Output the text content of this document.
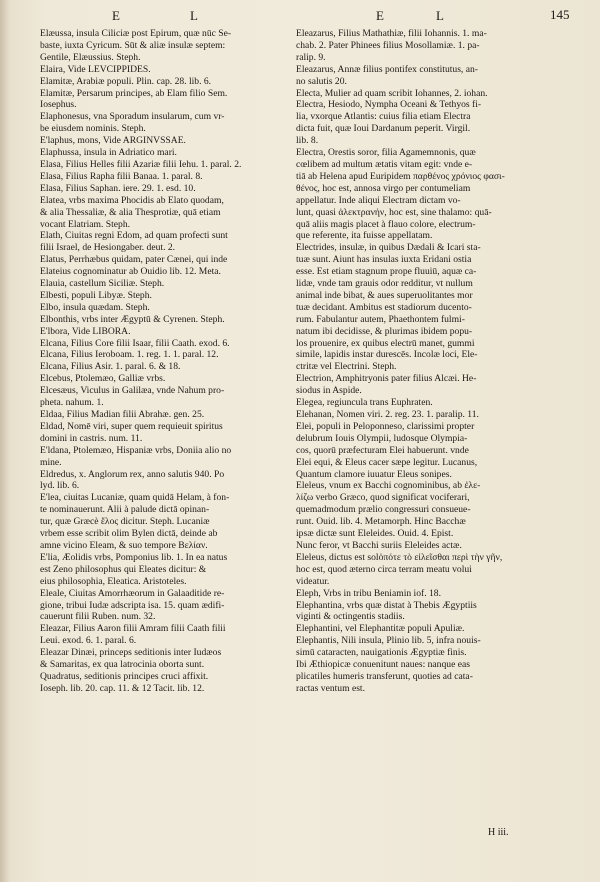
E	L	E	L	145
Elæussa, insula Ciliciæ post Epirum, quæ nūc Se-
baste, iuxta Cyricum. Sūt & aliæ insulæ septem:
Gentile, Elæussius. Steph.
Elaira, Vide LEVCIPPIDES.
Elamitæ, Arabiæ populi. Plin. cap. 28. lib. 6.
Elamitæ, Persarum principes, ab Elam filio Sem.
Iosephus.
Elaphonesus, vna Sporadum insularum, cum vr-
be eiusdem nominis. Steph.
E'laphus, mons, Vide ARGINVSSAE.
Elaphussa, insula in Adriatico mari.
Elasa, Filius Helles filii Azariæ filii Iehu. 1. paral. 2.
Elasa, Filius Rapha filii Banaa. 1. paral. 8.
Elasa, Filius Saphan. iere. 29. 1. esd. 10.
Elatea, vrbs maxima Phocidis ab Elato quodam,
& alia Thessaliæ, & alia Thesprotiæ, quā etiam
vocant Elatriam. Steph.
Elath, Ciuitas regni Edom, ad quam profecti sunt
filii Israel, de Hesiongaber. deut. 2.
Elatus, Perrhæbus quidam, pater Cænei, qui inde
Elateius cognominatur ab Ouidio lib. 12. Meta.
Elauia, castellum Siciliæ. Steph.
Elbesti, populi Libyæ. Steph.
Elbo, insula quædam. Steph.
Elbonthis, vrbs inter Ægyptū & Cyrenen. Steph.
E'lbora, Vide LIBORA.
Elcana, Filius Core filii Isaar, filii Caath. exod. 6.
Elcana, Filius Ieroboam. 1. reg. 1. 1. paral. 12.
Elcana, Filius Asir. 1. paral. 6. & 18.
Elcebus, Ptolemæo, Galliæ vrbs.
Elcesæus, Viculus in Galilæa, vnde Nahum pro-
pheta. nahum. 1.
Eldaa, Filius Madian filii Abrahæ. gen. 25.
Eldad, Nomē viri, super quem requieuit spiritus
domini in castris. num. 11.
E'ldana, Ptolemæo, Hispaniæ vrbs, Doniia alio no
mine.
Eldredus, x. Anglorum rex, anno salutis 940. Po
lyd. lib. 6.
E'lea, ciuitas Lucaniæ, quam quidā Helam, à fon-
te nominauerunt. Alii à palude dictā opinan-
tur, quæ Græcè ἕλος dicitur. Steph. Lucaniæ
vrbem esse scribit olim Bylen dictā, deinde ab
amne vicino Eleam, & suo tempore Βελίαν.
E'lia, Æolidis vrbs, Pomponius lib. 1. In ea natus
est Zeno philosophus qui Eleates dicitur: &
eius philosophia, Eleatica. Aristoteles.
Eleale, Ciuitas Amorrhæorum in Galaaditide re-
gione, tribui Iudæ adscripta isa. 15. quam ædifi-
cauerunt filii Ruben. num. 32.
Eleazar, Filius Aaron filii Amram filii Caath filii
Leui. exod. 6. 1. paral. 6.
Eleazar Dinæi, princeps seditionis inter Iudæos
& Samaritas, ex qua latrocinia oborta sunt.
Quadratus, seditionis principes cruci affixit.
Ioseph. lib. 20. cap. 11. & 12 Tacit. lib. 12.
Eleazarus, Filius Mathathiæ, filii Iohannis. 1. ma-
chab. 2. Pater Phinees filius Mosollamiæ. 1. pa-
ralip. 9.
Eleazarus, Annæ filius pontifex constitutus, an-
no salutis 20.
Electa, Mulier ad quam scribit Iohannes, 2. iohan.
Electra, Hesiodo, Nympha Oceani & Tethyos fi-
lia, vxorque Atlantis: cuius filia etiam Electra
dicta fuit, quæ Ioui Dardanum peperit. Virgil.
lib. 8.
Electra, Orestis soror, filia Agamemnonis, quæ
cœlibem ad multum ætatis vitam egit: vnde e-
tiā ab Helena apud Euripidem παρθένος χρόνιος φασι-
θένος, hoc est, annosa virgo per contumeliam
appellatur. Inde aliqui Electram dictam vo-
lunt, quasi ἀλεκτρανήν, hoc est, sine thalamo: quā-
quā aliis magis placet à flauo colore, electrum-
que referente, ita fuisse appellatam.
Electrides, insulæ, in quibus Dædali & Icari sta-
tuæ sunt. Aiunt has insulas iuxta Eridani ostia
esse. Est etiam stagnum prope fluuiū, aquæ ca-
lidæ, vnde tam grauis odor redditur, vt nullum
animal inde bibat, & aues superuolitantes mor
tuæ decidant. Ambitus est stadiorum ducento-
rum. Fabulantur autem, Phaethontem fulmi-
natum ibi decidisse, & plurimas ibidem popu-
los prouenire, ex quibus electrū manet, gummi
simile, lapidis instar durescēs. Incolæ loci, Ele-
ctritæ vel Electrini. Steph.
Electrion, Amphitryonis pater filius Alcæi. He-
siodus in Aspide.
Elegea, regiuncula trans Euphraten.
Elehanan, Nomen viri. 2. reg. 23. 1. paralip. 11.
Elei, populi in Peloponneso, clarissimi propter
delubrum Iouis Olympii, ludosque Olympia-
cos, quorū præfecturam Elei habuerunt. vnde
Elei equi, & Eleus cacer sæpe legitur. Lucanus,
Quantum clamore iuuatur Eleus sonipes.
Eleleus, vnum ex Bacchi cognominibus, ab ἐλε-
λίζω verbo Græco, quod significat vociferari,
quemadmodum prælio congressuri consueue-
runt. Ouid. lib. 4. Metamorph. Hinc Bacchæ
ipsæ dictæ sunt Eleleides. Ouid. 4. Epist.
Nunc feror, vt Bacchi suriis Eleleides actæ.
Eleleus, dictus est solὁπότε τὸ εἱλεῖσθαι περὶ τὴν γῆν,
hoc est, quod æterno circa terram meatu volui
videatur.
Eleph, Vrbs in tribu Beniamin iof. 18.
Elephantina, vrbs quæ distat à Thebis Ægyptiis
viginti & octingentis stadiis.
Elephantini, vel Elephantitæ populi Apuliæ.
Elephantis, Nili insula, Plinio lib. 5, infra nouis-
simū cataracten, nauigationis Ægyptiæ finis.
Ibi Æthiopicæ conuenitunt naues: nanque eas
plicatiles humeris transferunt, quoties ad cata-
ractas ventum est.
H iii.
